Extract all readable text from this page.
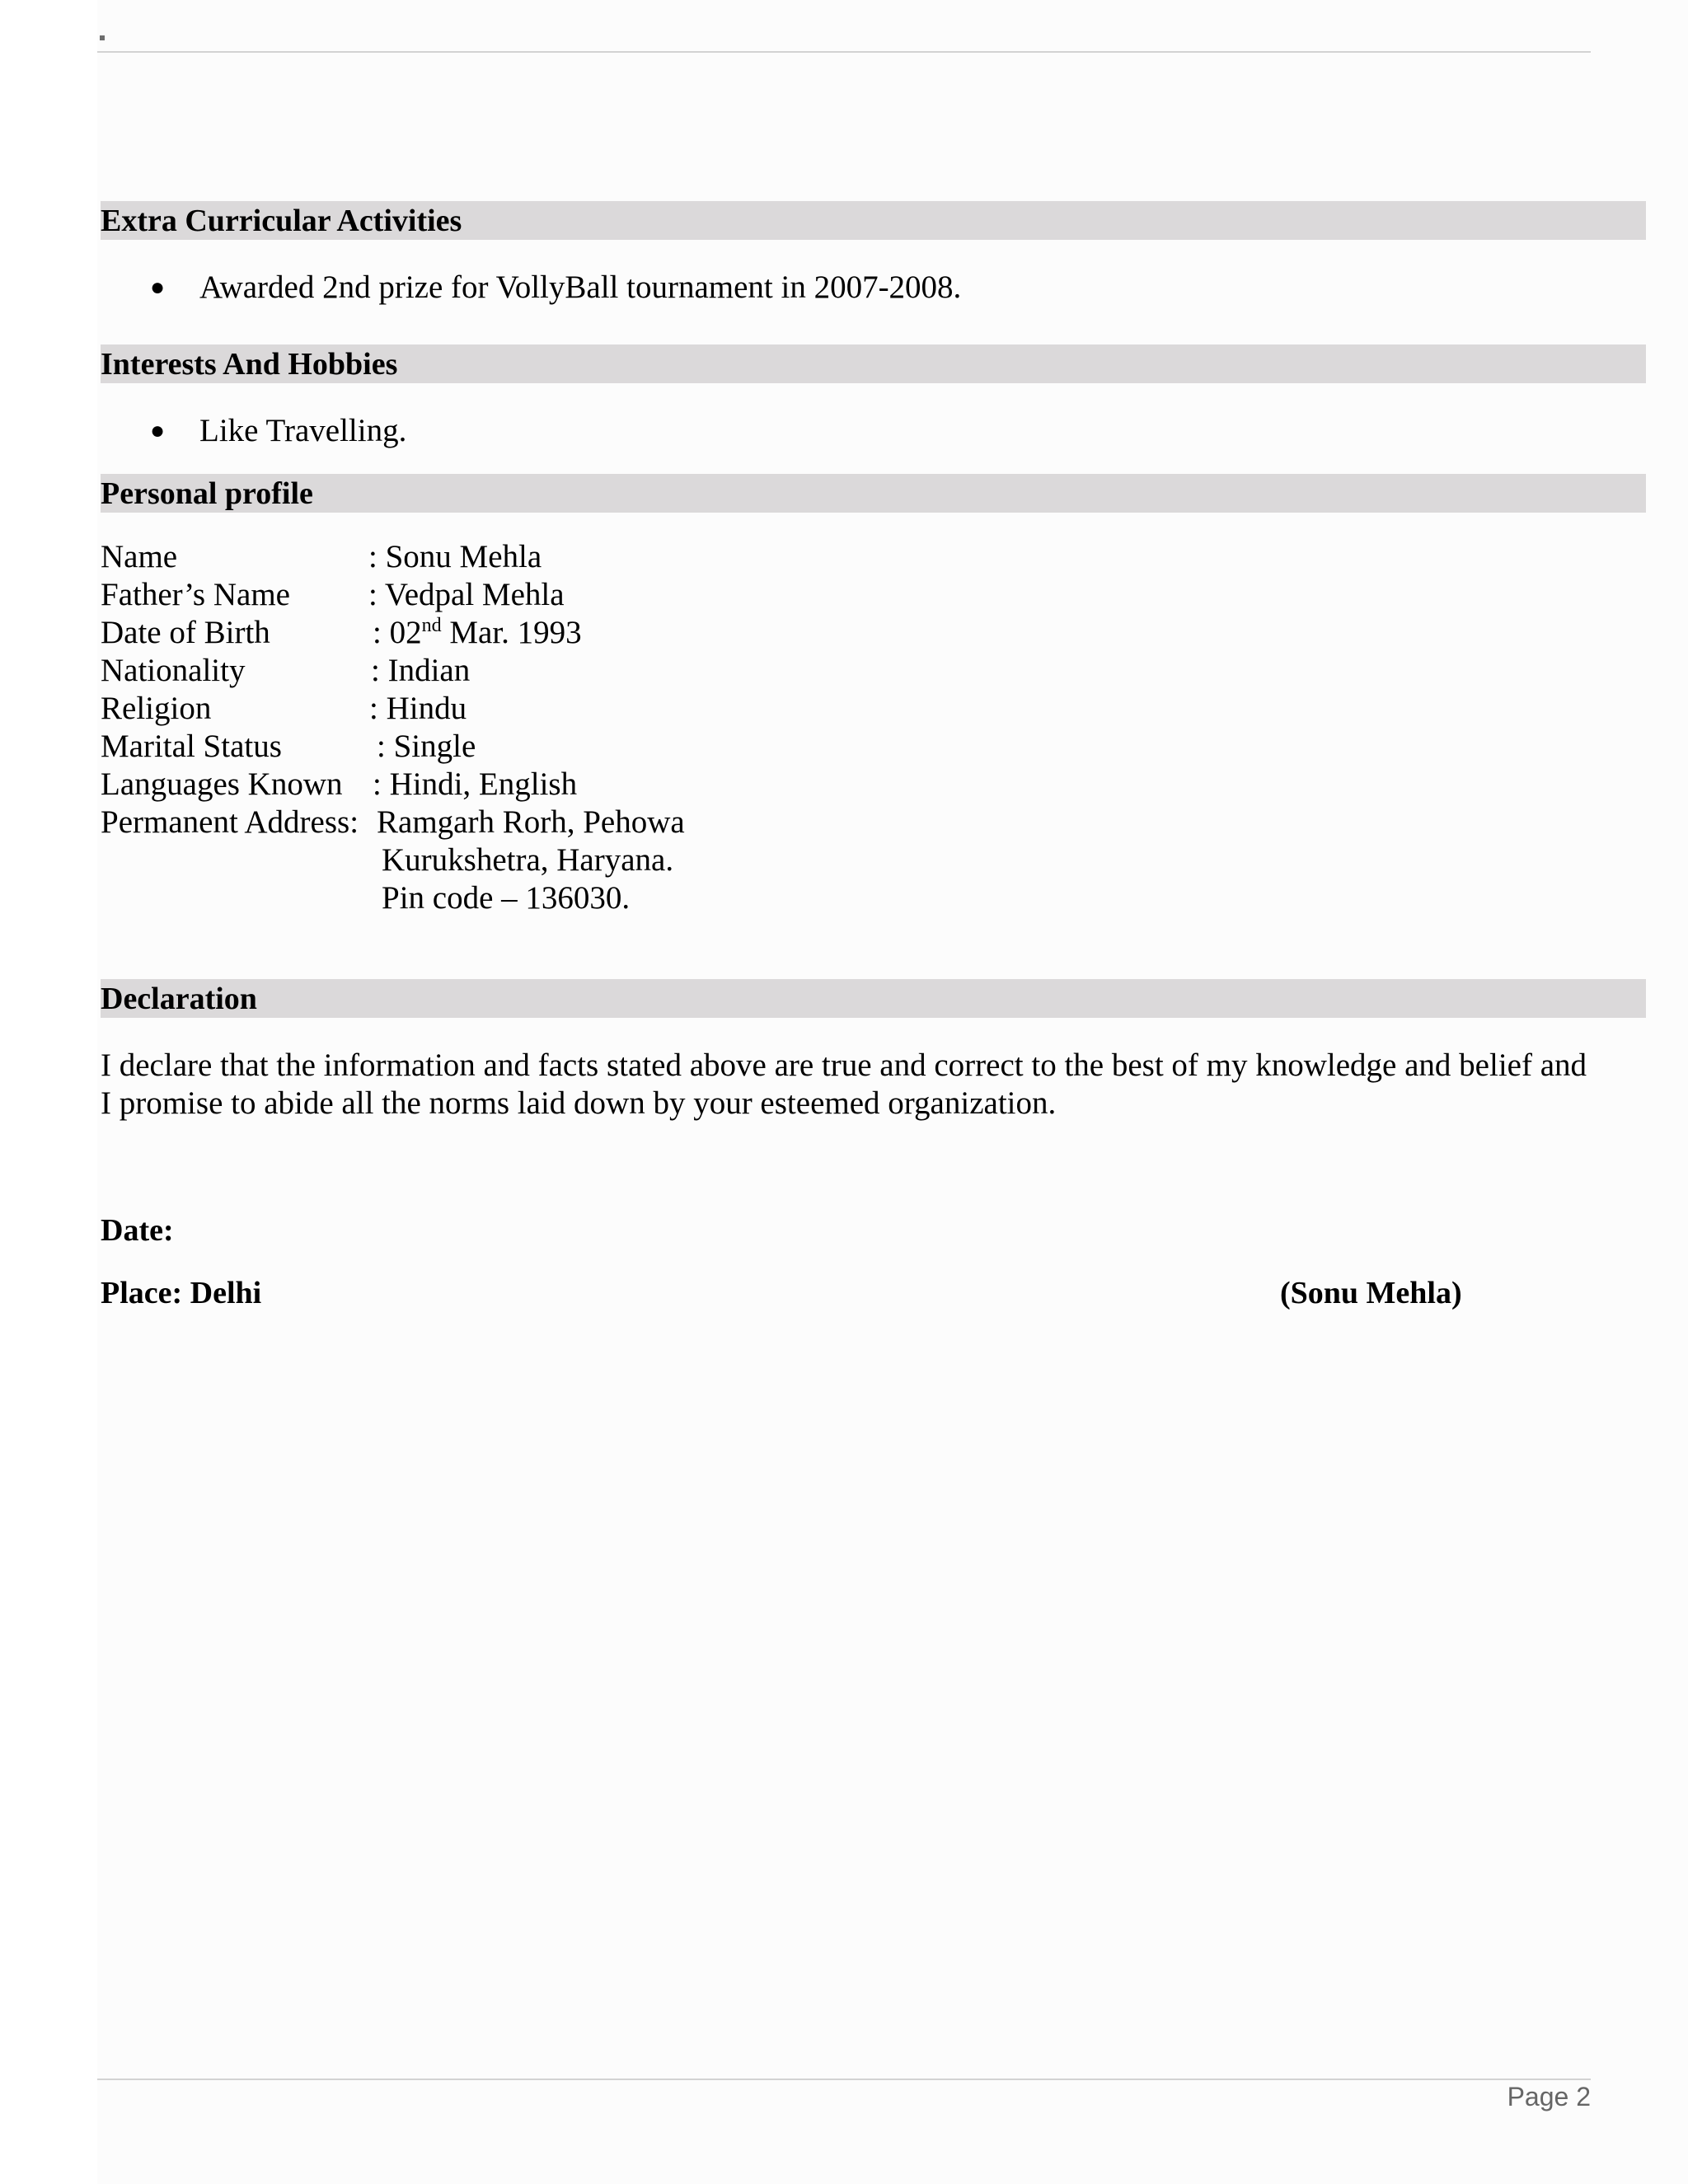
Extra Curricular Activities
● Awarded 2nd prize for VollyBall tournament in 2007-2008.
Interests And Hobbies
● Like Travelling.
Personal profile
Name	: Sonu Mehla
Father’s Name : Vedpal Mehla
Date of Birth	: 02nd Mar. 1993
Nationality	: Indian
Religion	: Hindu
Marital Status	: Single
Languages Known : Hindi, English
Permanent Address: Ramgarh Rorh, Pehowa
Kurukshetra, Haryana.
Pin code – 136030.
Declaration
I declare that the information and facts stated above are true and correct to the best of my knowledge and belief and
I promise to abide all the norms laid down by your esteemed organization.
Date:
Place: Delhi	(Sonu Mehla)
Page 2
